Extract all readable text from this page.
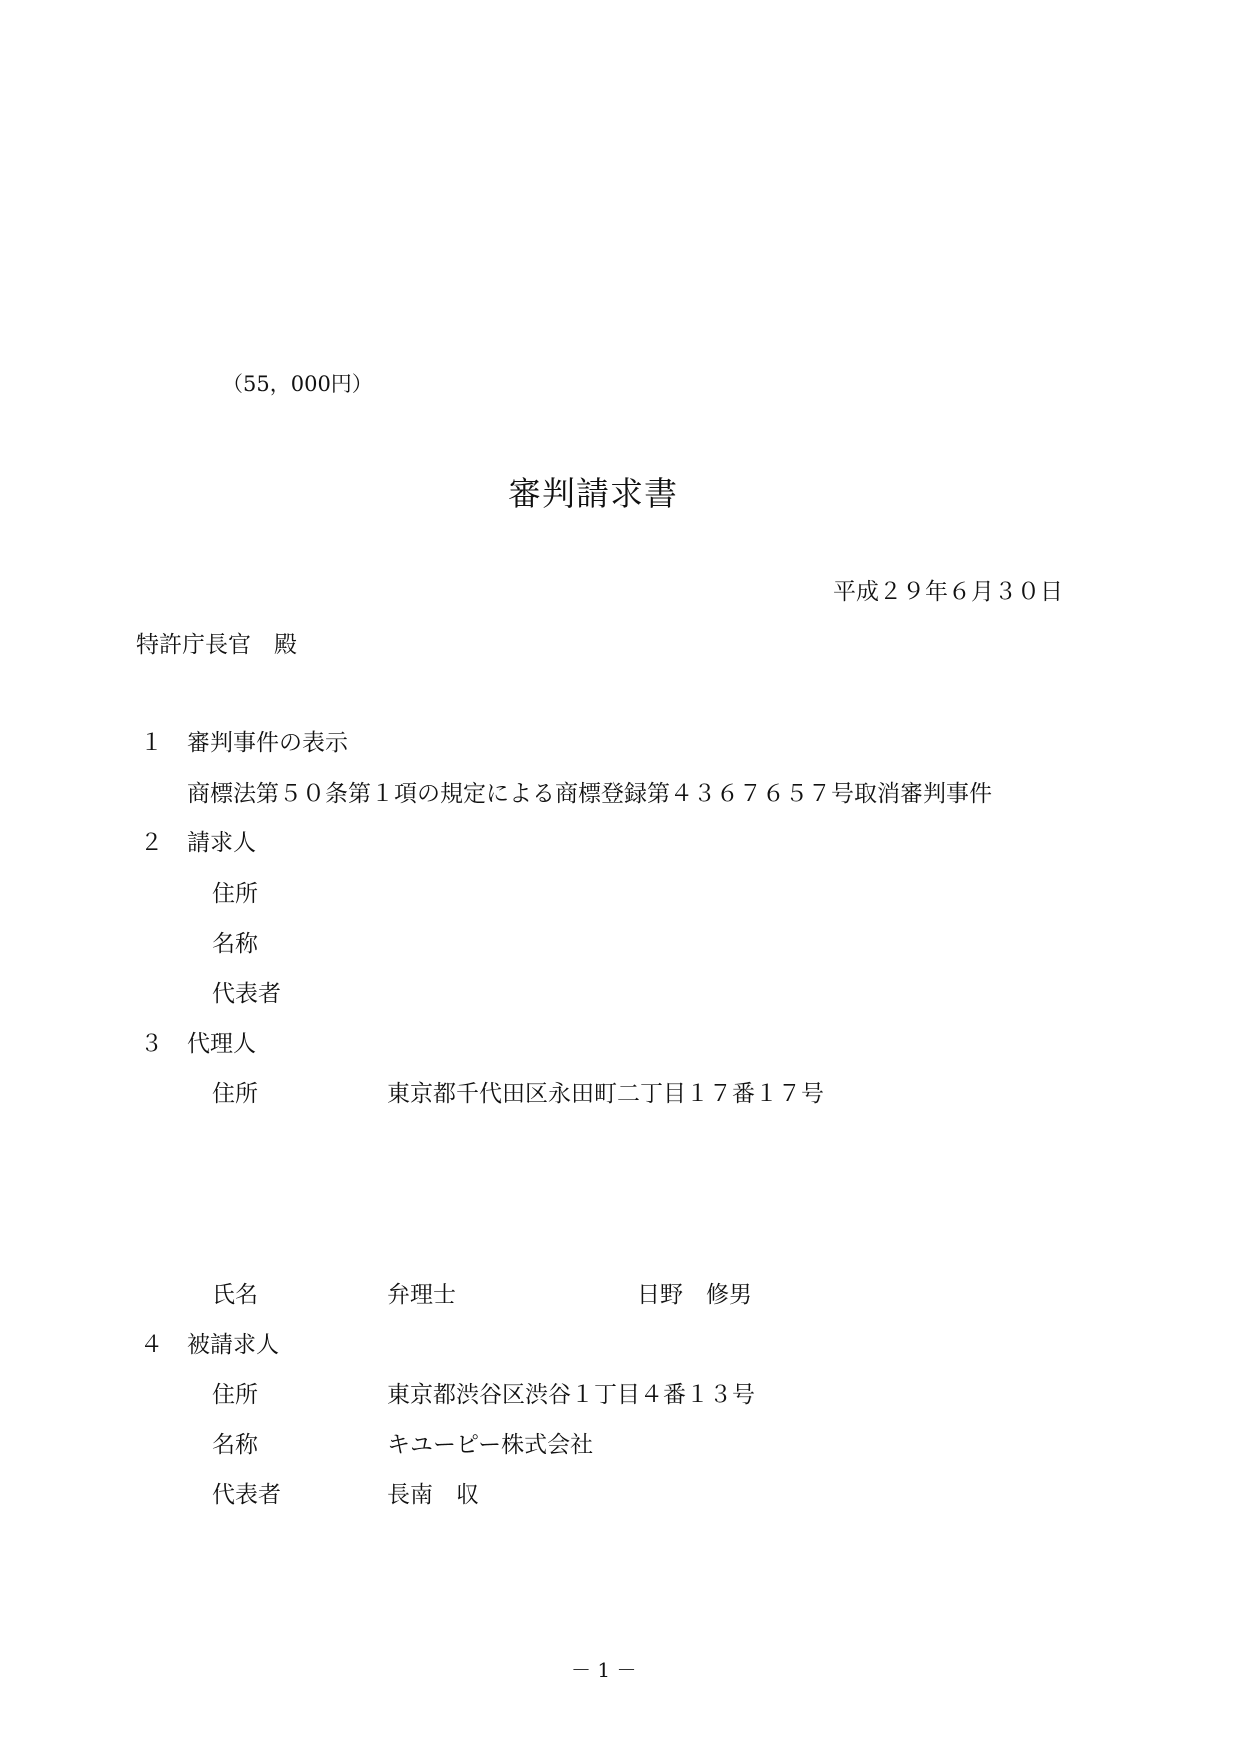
（55，000円）
審判請求書
平成２９年６月３０日
特許庁長官　殿
１ 審判事件の表示
商標法第５０条第１項の規定による商標登録第４３６７６５７号取消審判事件
２ 請求人
住所
名称
代表者
３ 代理人
住所	東京都千代田区永田町二丁目１７番１７号
氏名	弁理士	日野　修男
４ 被請求人
住所	東京都渋谷区渋谷１丁目４番１３号
名称	キユーピー株式会社
代表者	長南　収
－ 1 －
